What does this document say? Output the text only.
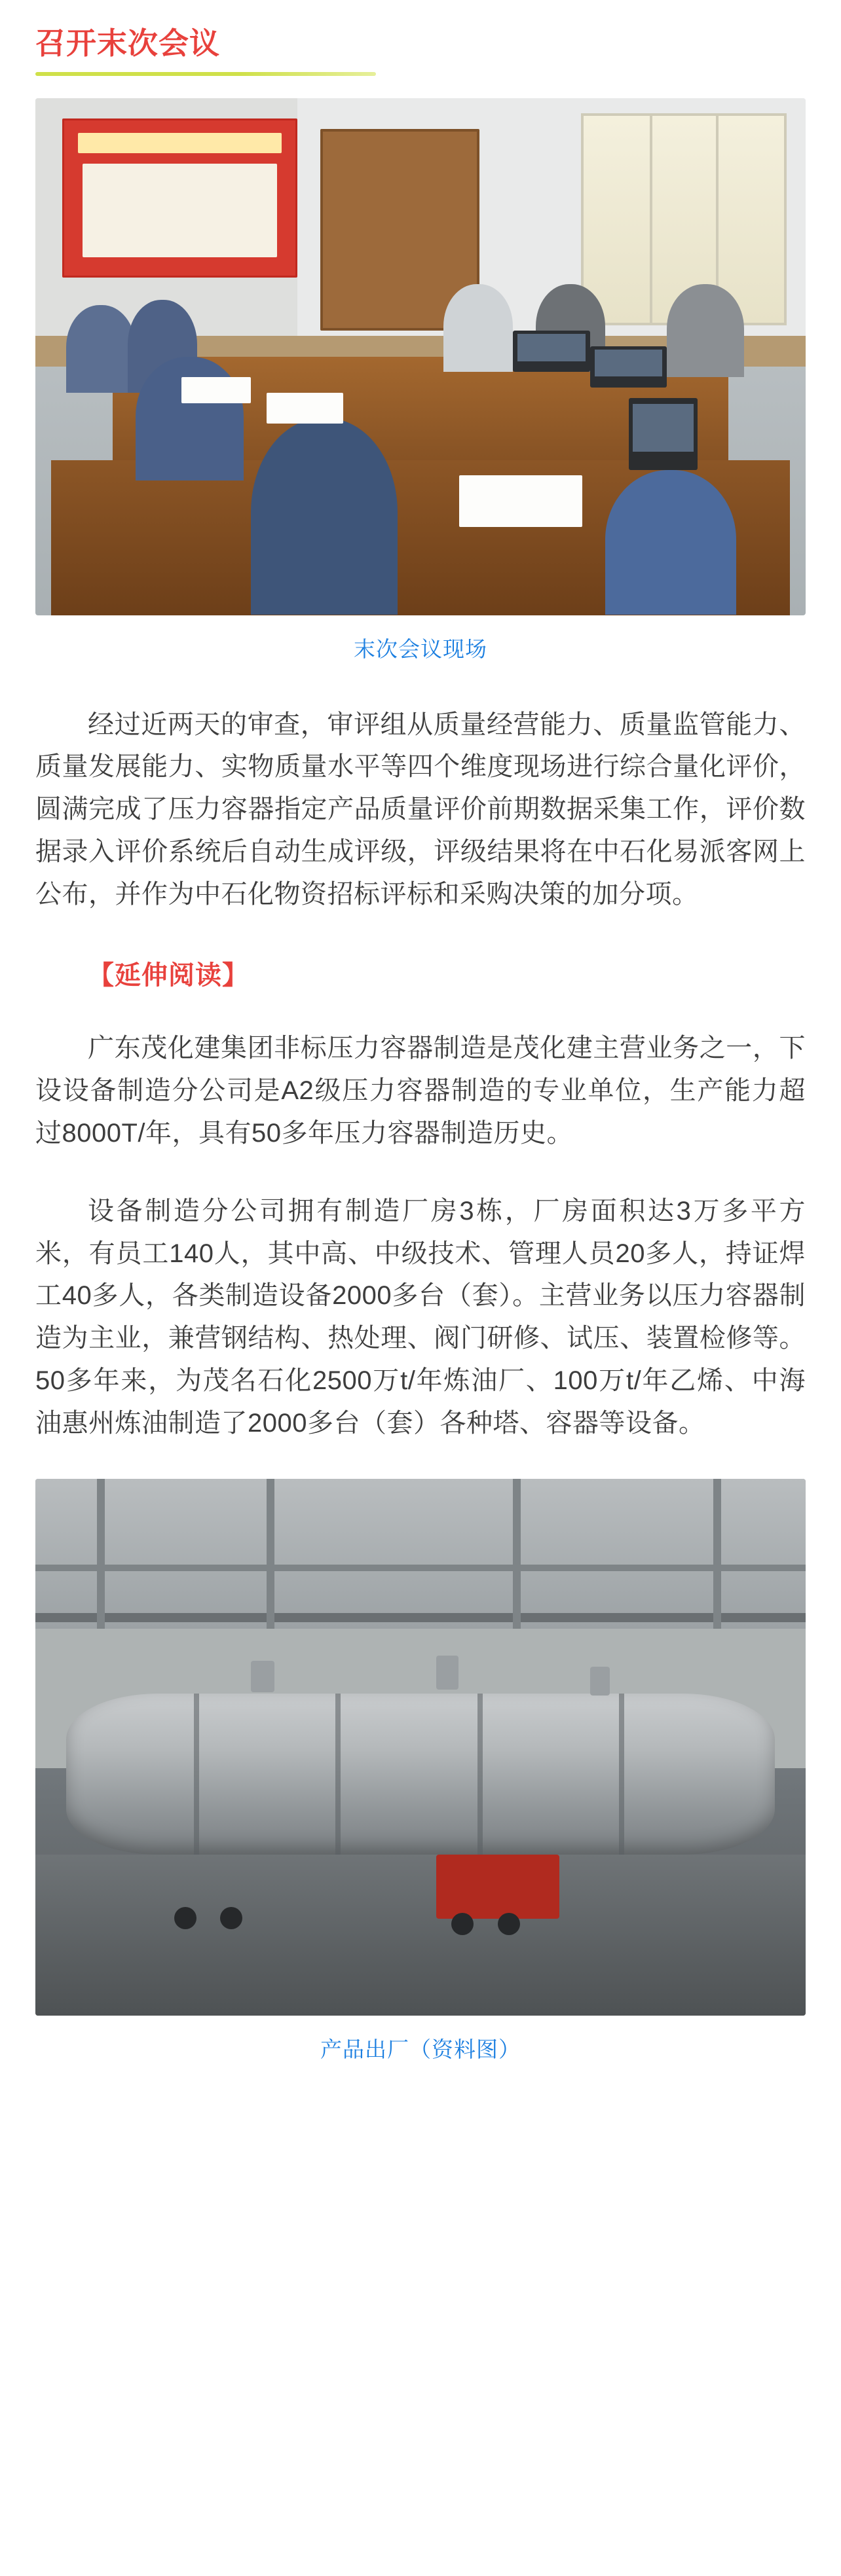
召开末次会议
末次会议现场

经过近两天的审查，审评组从质量经营能力、质量监管能力、质量发展能力、实物质量水平等四个维度现场进行综合量化评价，圆满完成了压力容器指定产品质量评价前期数据采集工作，评价数据录入评价系统后自动生成评级，评级结果将在中石化易派客网上公布，并作为中石化物资招标评标和采购决策的加分项。

【延伸阅读】

广东茂化建集团非标压力容器制造是茂化建主营业务之一，下设设备制造分公司是A2级压力容器制造的专业单位，生产能力超过8000T/年，具有50多年压力容器制造历史。

设备制造分公司拥有制造厂房3栋，厂房面积达3万多平方米，有员工140人，其中高、中级技术、管理人员20多人，持证焊工40多人，各类制造设备2000多台（套）。主营业务以压力容器制造为主业，兼营钢结构、热处理、阀门研修、试压、装置检修等。50多年来，为茂名石化2500万t/年炼油厂、100万t/年乙烯、中海油惠州炼油制造了2000多台（套）各种塔、容器等设备。

产品出厂（资料图）
